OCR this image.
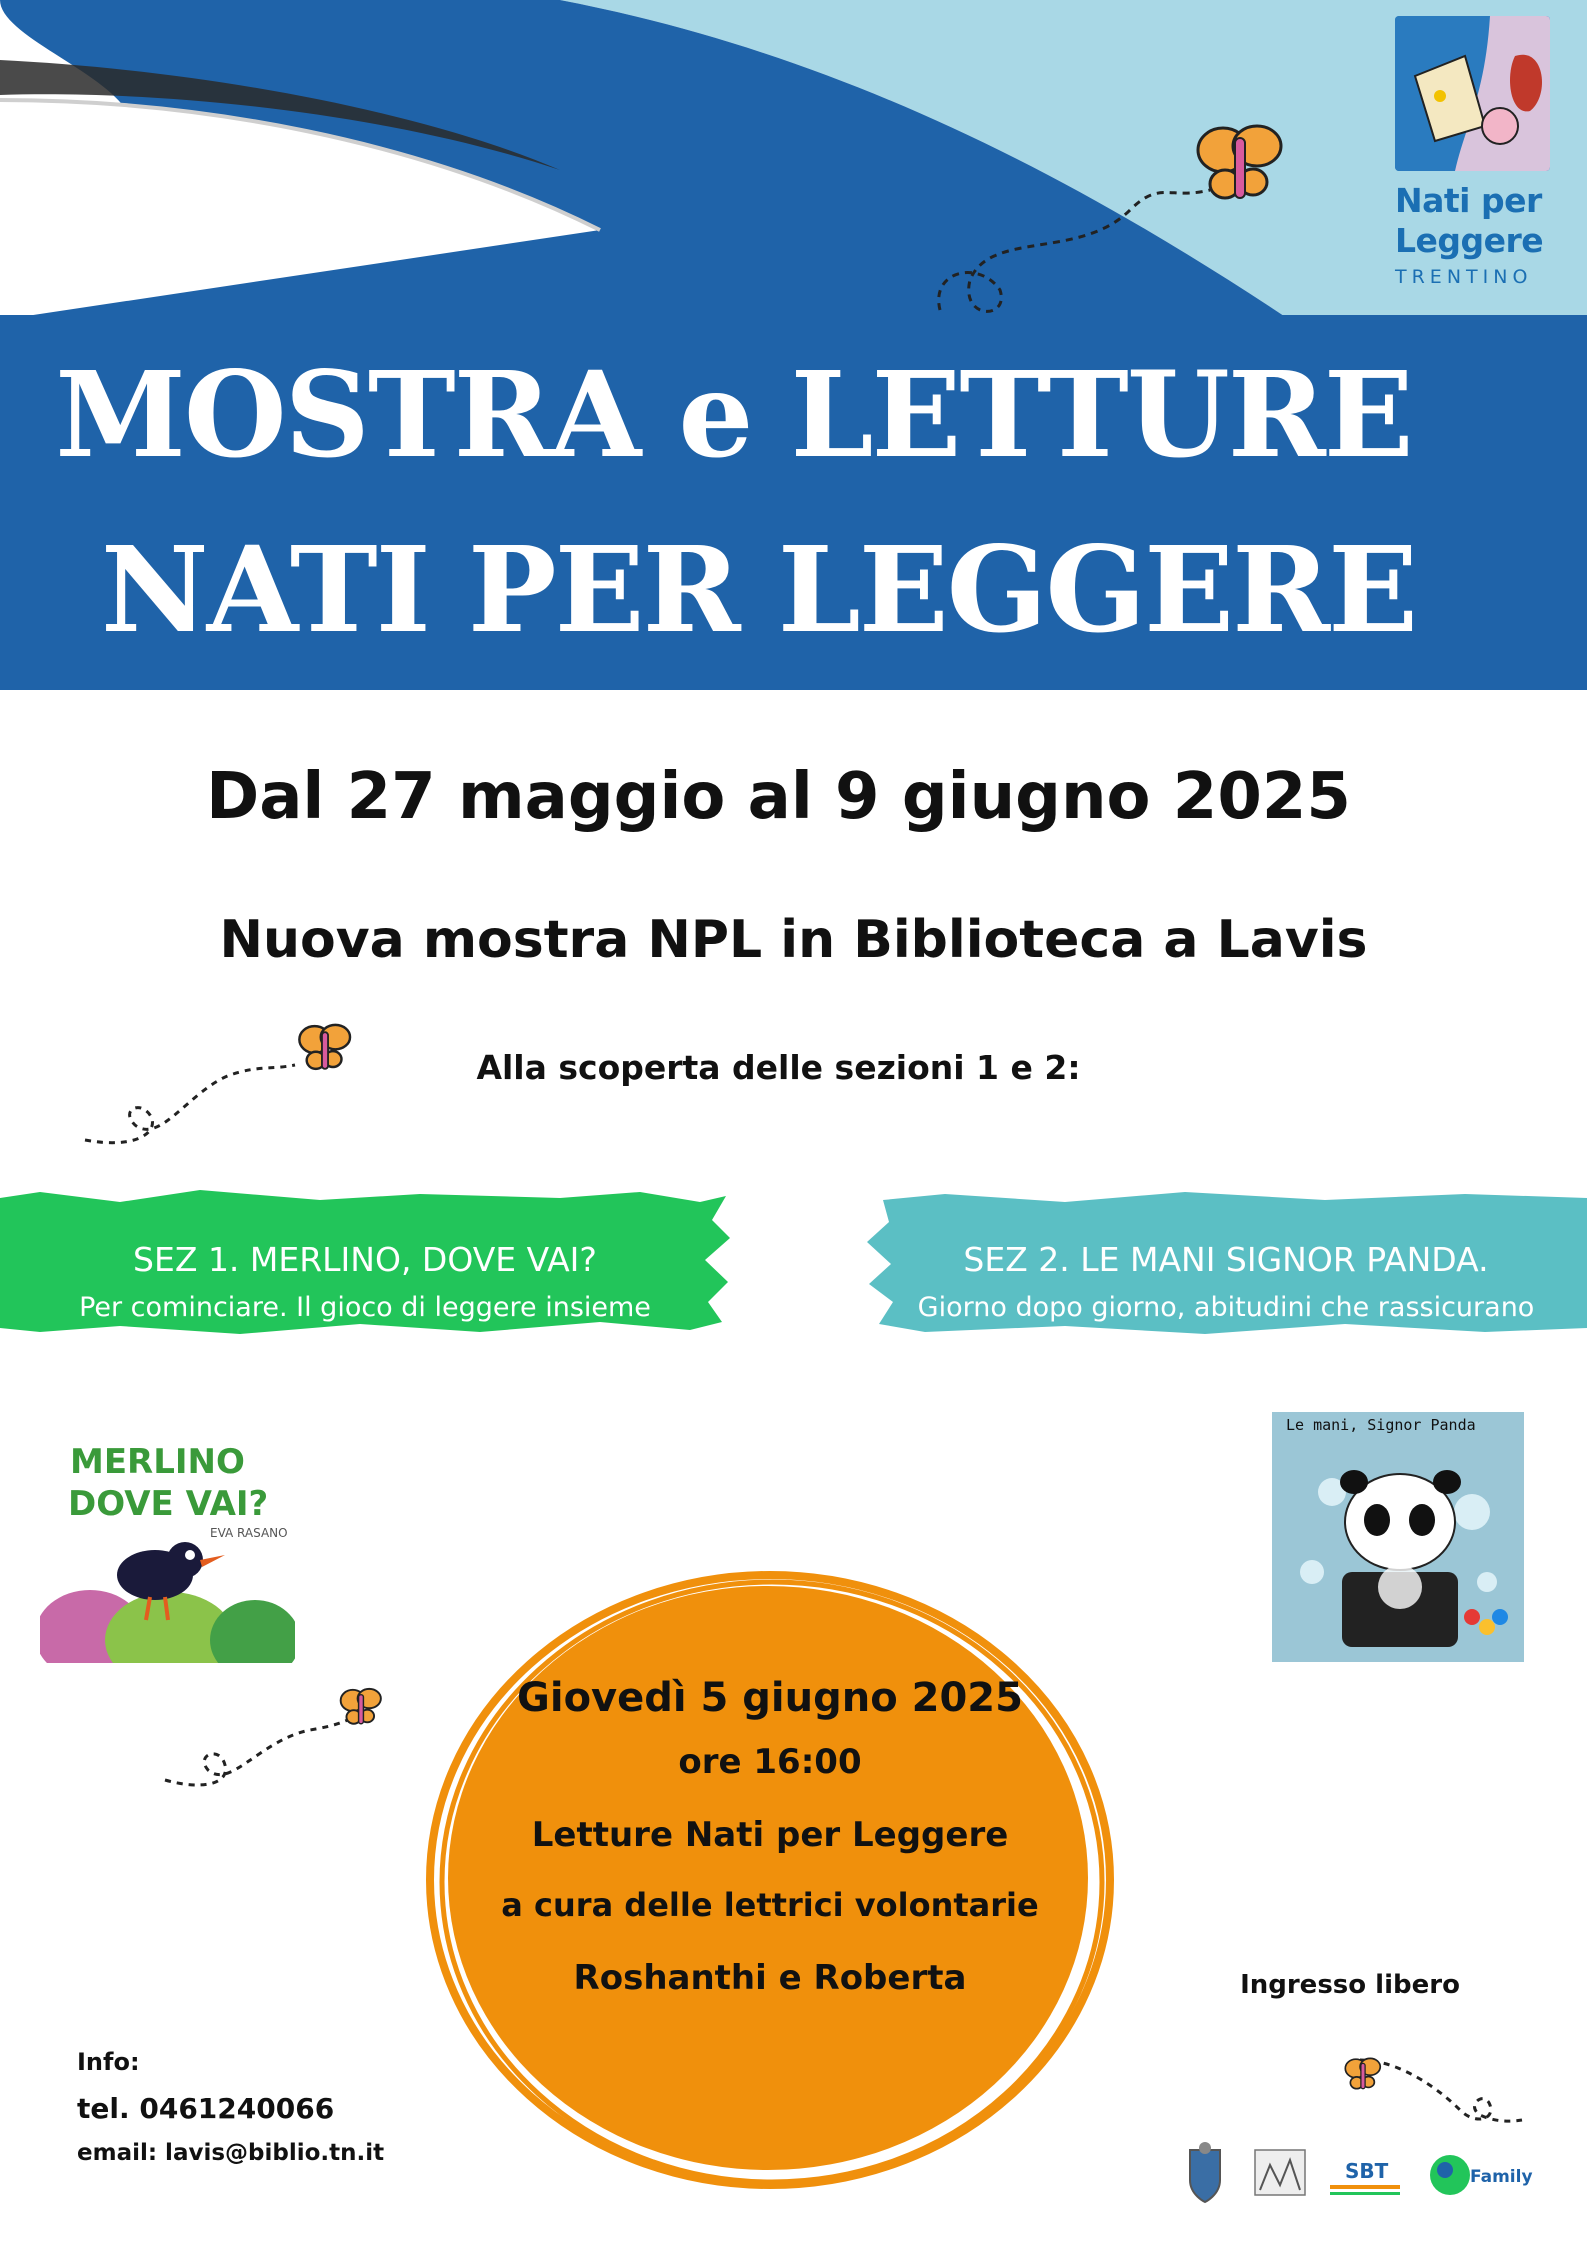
Nati per
Leggere
TRENTINO
MOSTRA e LETTURE
NATI PER LEGGERE
Dal 27 maggio al 9 giugno 2025
Nuova mostra NPL in Biblioteca a Lavis
Alla scoperta delle sezioni 1 e 2:
SEZ 1. MERLINO, DOVE VAI?
Per cominciare. Il gioco di leggere insieme
SEZ 2. LE MANI SIGNOR PANDA.
Giorno dopo giorno, abitudini che rassicurano
MERLINO
DOVE VAI?
EVA RASANO
Le mani, Signor Panda
Giovedì 5 giugno 2025
ore 16:00
Letture Nati per Leggere
a cura delle lettrici volontarie
Roshanthi e Roberta	Ingresso libero
Info:
tel. 0461240066
email: lavis@biblio.tn.it
SBT	Family
